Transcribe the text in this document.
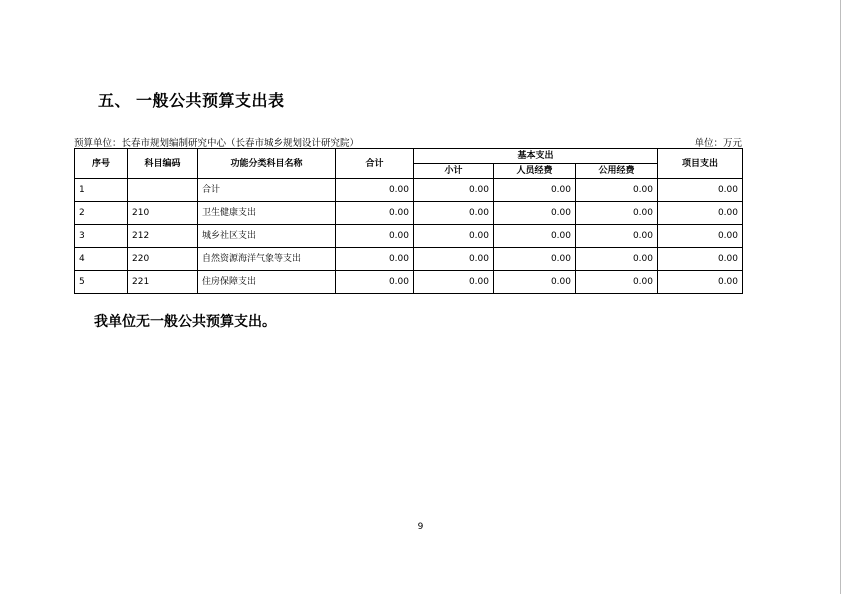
五、 一般公共预算支出表
预算单位：长春市规划编制研究中心（长春市城乡规划设计研究院）	单位：万元
序号	科目编码	功能分类科目名称	合计	基本支出			项目支出
				小计	人员经费	公用经费	
1		合计	0.00	0.00	0.00	0.00	0.00
2	210	卫生健康支出	0.00	0.00	0.00	0.00	0.00
3	212	城乡社区支出	0.00	0.00	0.00	0.00	0.00
4	220	自然资源海洋气象等支出	0.00	0.00	0.00	0.00	0.00
5	221	住房保障支出	0.00	0.00	0.00	0.00	0.00
我单位无一般公共预算支出。
9
